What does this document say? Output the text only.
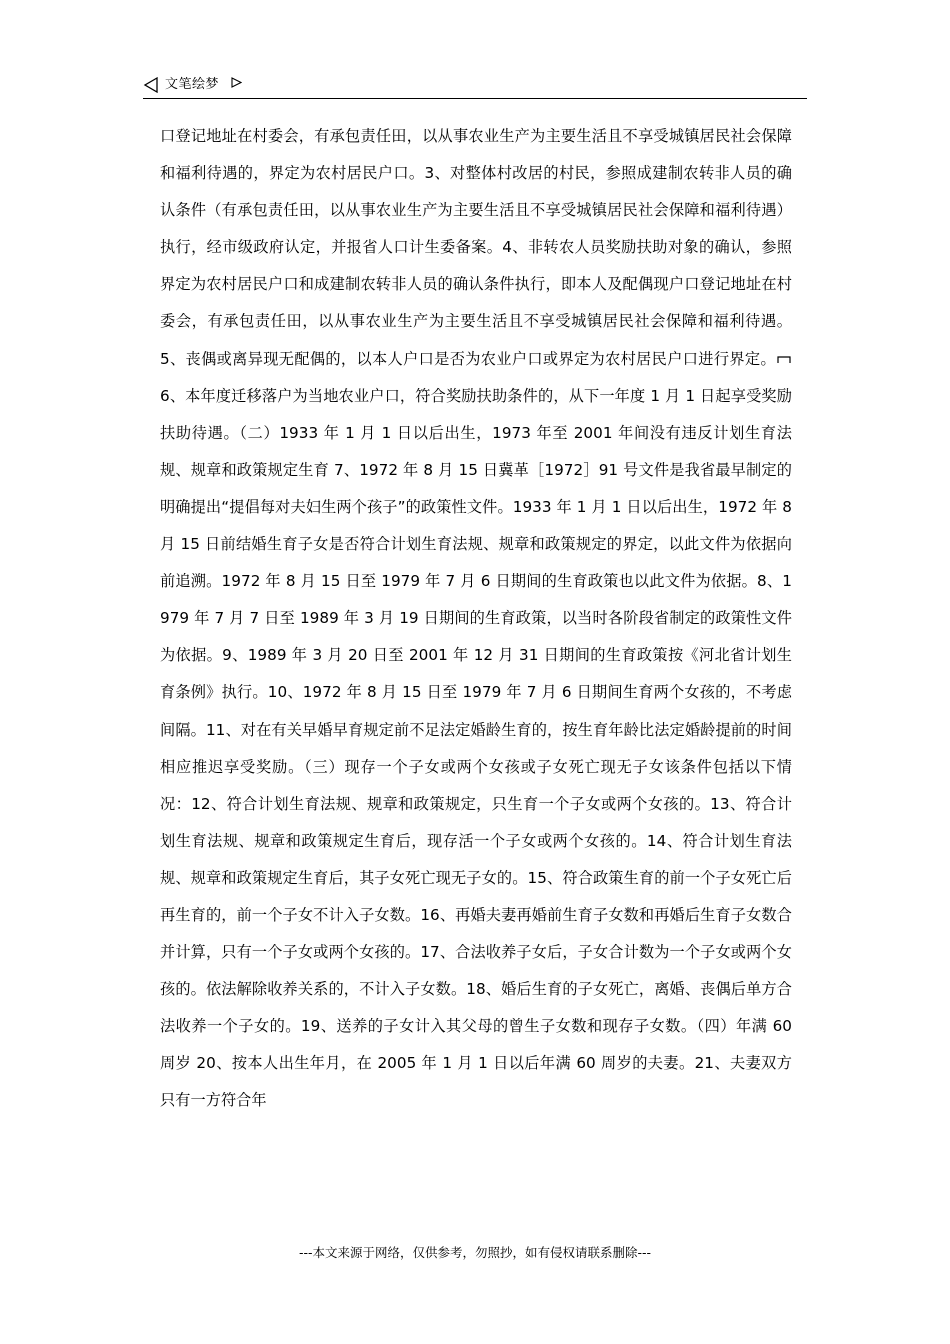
文笔绘梦
口登记地址在村委会，有承包责任田，以从事农业生产为主要生活且不享受城镇居民社会保障和福利待遇的，界定为农村居民户口。3、对整体村改居的村民，参照成建制农转非人员的确认条件（有承包责任田，以从事农业生产为主要生活且不享受城镇居民社会保障和福利待遇）执行，经市级政府认定，并报省人口计生委备案。4、非转农人员奖励扶助对象的确认，参照界定为农村居民户口和成建制农转非人员的确认条件执行，即本人及配偶现户口登记地址在村委会，有承包责任田，以从事农业生产为主要生活且不享受城镇居民社会保障和福利待遇。5、丧偶或离异现无配偶的，以本人户口是否为农业户口或界定为农村居民户口进行界定。6、本年度迁移落户为当地农业户口，符合奖励扶助条件的，从下一年度 1 月 1 日起享受奖励扶助待遇。（二）1933 年 1 月 1 日以后出生，1973 年至 2001 年间没有违反计划生育法规、规章和政策规定生育 7、1972 年 8 月 15 日冀革［1972］91 号文件是我省最早制定的明确提出“提倡每对夫妇生两个孩子”的政策性文件。1933 年 1 月 1 日以后出生，1972 年 8 月 15 日前结婚生育子女是否符合计划生育法规、规章和政策规定的界定，以此文件为依据向前追溯。1972 年 8 月 15 日至 1979 年 7 月 6 日期间的生育政策也以此文件为依据。8、1979 年 7 月 7 日至 1989 年 3 月 19 日期间的生育政策，以当时各阶段省制定的政策性文件为依据。9、1989 年 3 月 20 日至 2001 年 12 月 31 日期间的生育政策按《河北省计划生育条例》执行。10、1972 年 8 月 15 日至 1979 年 7 月 6 日期间生育两个女孩的，不考虑间隔。11、对在有关早婚早育规定前不足法定婚龄生育的，按生育年龄比法定婚龄提前的时间相应推迟享受奖励。（三）现存一个子女或两个女孩或子女死亡现无子女该条件包括以下情况：12、符合计划生育法规、规章和政策规定，只生育一个子女或两个女孩的。13、符合计划生育法规、规章和政策规定生育后，现存活一个子女或两个女孩的。14、符合计划生育法规、规章和政策规定生育后，其子女死亡现无子女的。15、符合政策生育的前一个子女死亡后再生育的，前一个子女不计入子女数。16、再婚夫妻再婚前生育子女数和再婚后生育子女数合并计算，只有一个子女或两个女孩的。17、合法收养子女后，子女合计数为一个子女或两个女孩的。依法解除收养关系的，不计入子女数。18、婚后生育的子女死亡，离婚、丧偶后单方合法收养一个子女的。19、送养的子女计入其父母的曾生子女数和现存子女数。（四）年满 60 周岁 20、按本人出生年月，在 2005 年 1 月 1 日以后年满 60 周岁的夫妻。21、夫妻双方只有一方符合年
---本文来源于网络，仅供参考，勿照抄，如有侵权请联系删除---
